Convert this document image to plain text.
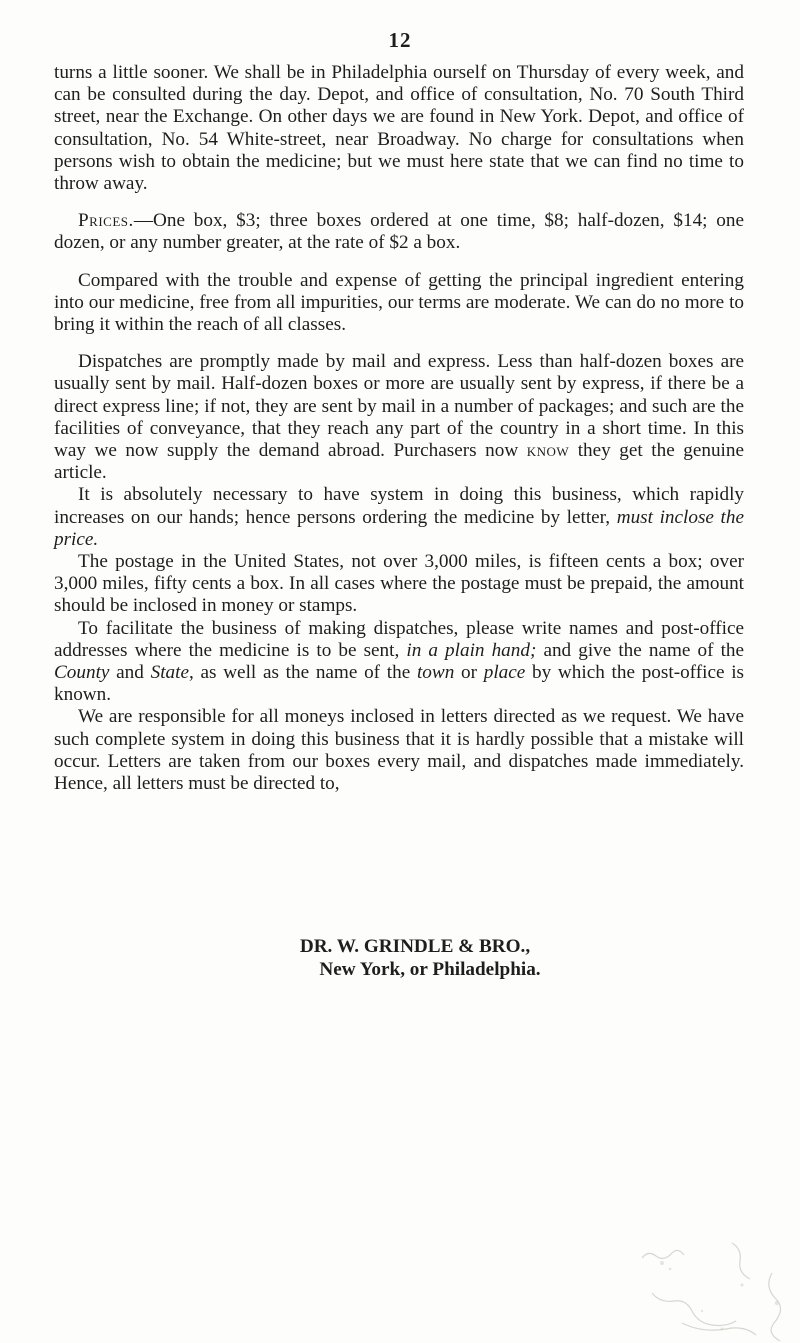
12

turns a little sooner. We shall be in Philadelphia ourself on Thursday of every week, and can be consulted during the day. Depot, and office of consultation, No. 70 South Third street, near the Exchange. On other days we are found in New York. Depot, and office of consultation, No. 54 White-street, near Broadway. No charge for consultations when persons wish to obtain the medicine; but we must here state that we can find no time to throw away.

Prices.—One box, $3; three boxes ordered at one time, $8; half-dozen, $14; one dozen, or any number greater, at the rate of $2 a box.

Compared with the trouble and expense of getting the principal ingredient entering into our medicine, free from all impurities, our terms are moderate. We can do no more to bring it within the reach of all classes.

Dispatches are promptly made by mail and express. Less than half-dozen boxes are usually sent by mail. Half-dozen boxes or more are usually sent by express, if there be a direct express line; if not, they are sent by mail in a number of packages; and such are the facilities of conveyance, that they reach any part of the country in a short time. In this way we now supply the demand abroad. Purchasers now know they get the genuine article.

It is absolutely necessary to have system in doing this business, which rapidly increases on our hands; hence persons ordering the medicine by letter, must inclose the price.

The postage in the United States, not over 3,000 miles, is fifteen cents a box; over 3,000 miles, fifty cents a box. In all cases where the postage must be prepaid, the amount should be inclosed in money or stamps.

To facilitate the business of making dispatches, please write names and post-office addresses where the medicine is to be sent, in a plain hand; and give the name of the County and State, as well as the name of the town or place by which the post-office is known.

We are responsible for all moneys inclosed in letters directed as we request. We have such complete system in doing this business that it is hardly possible that a mistake will occur. Letters are taken from our boxes every mail, and dispatches made immediately. Hence, all letters must be directed to,

DR. W. GRINDLE & BRO.,
New York, or Philadelphia.
